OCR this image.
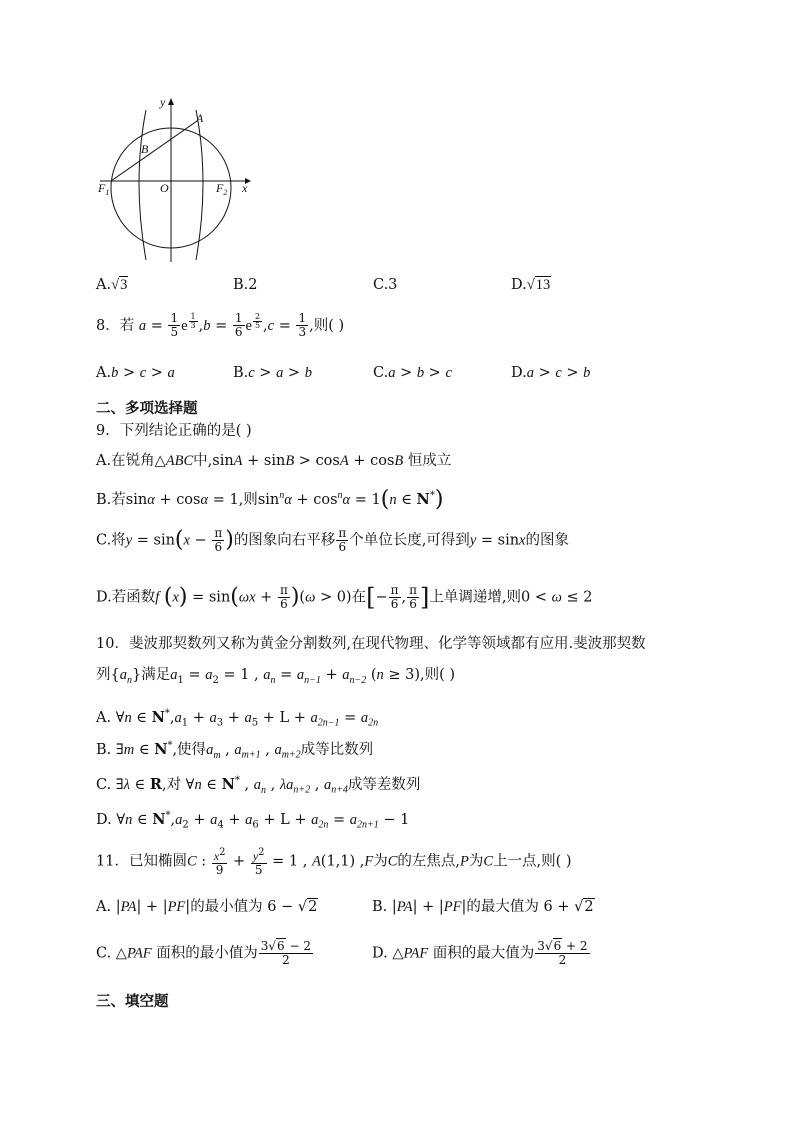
y
A
B
$F_1$	O	$F_2$ x
A.√3	B.2	C.3	D.√13
8．若 $a = \frac{1}{5}$ e $^{\frac{1}{3}}$ $,b = \frac{1}{6}$ e $^{\frac{2}{5}}$ $,c = \frac{1}{3}$ ,则( )
A.b > c > a	B.c > a > b	C.a > b > c	D.a > c > b
二、多项选择题
9．下列结论正确的是( )
A.在锐角△ABC中,sinA + sinB > cosA + cosB 恒成立
B.若sinα + cosα = 1,则$\sin^n\alpha + \cos^n\alpha = 1(n$ ∈ N*)
C.将$y = \sin(x - \frac{\pi}{6}$ )的图象向右平移 $\frac{\pi}{6}$ 个单位长度,可得到y = sinx的图象
D.若函数f $(x) = \sin(\omega x + \frac{\pi}{6} )(\omega > 0)$在[− $\frac{\pi}{6}$ , $\frac{\pi}{6}$ ]上单调递增,则0 < ω ≤ 2
10．斐波那契数列又称为黄金分割数列,在现代物理、化学等领域都有应用.斐波那契数
列$\{a_n\}$满足$a_1 = a_2 = 1$ , $a_n = a_{n-1} + a_{n-2}$ (n ≥ 3),则( )
A. ∀n ∈ $N^*,a_1 + a_3 + a_5 + L + a_{2n-1} = a_{2n}$
B. ∃m ∈ N*,使得$a_m$ , $a_{m+1}$ , $a_{m+2}$成等比数列
C. ∃λ ∈ R,对 ∀n ∈ N* , $a_n$ , $\lambda a_{n+2}$ , $a_{n+4}$成等差数列
D. ∀n ∈ $N^*,a_2 + a_4 + a_6 + L + a_{2n} = a_{2n+1} - 1$
11．已知椭圆C : $\frac{x^2}{9} + \frac{y^2}{5} = 1$ , A(1,1) ,F为C的左焦点,P为C上一点,则( )
A. |PA| + |PF|的最小值为 6 − √2	B. |PA| + |PF|的最大值为 6 + √2
C. △PAF 面积的最小值为 $\frac{3√6 - 2}{2}$	D. △PAF 面积的最大值为 $\frac{3√6 + 2}{2}$
三、填空题
